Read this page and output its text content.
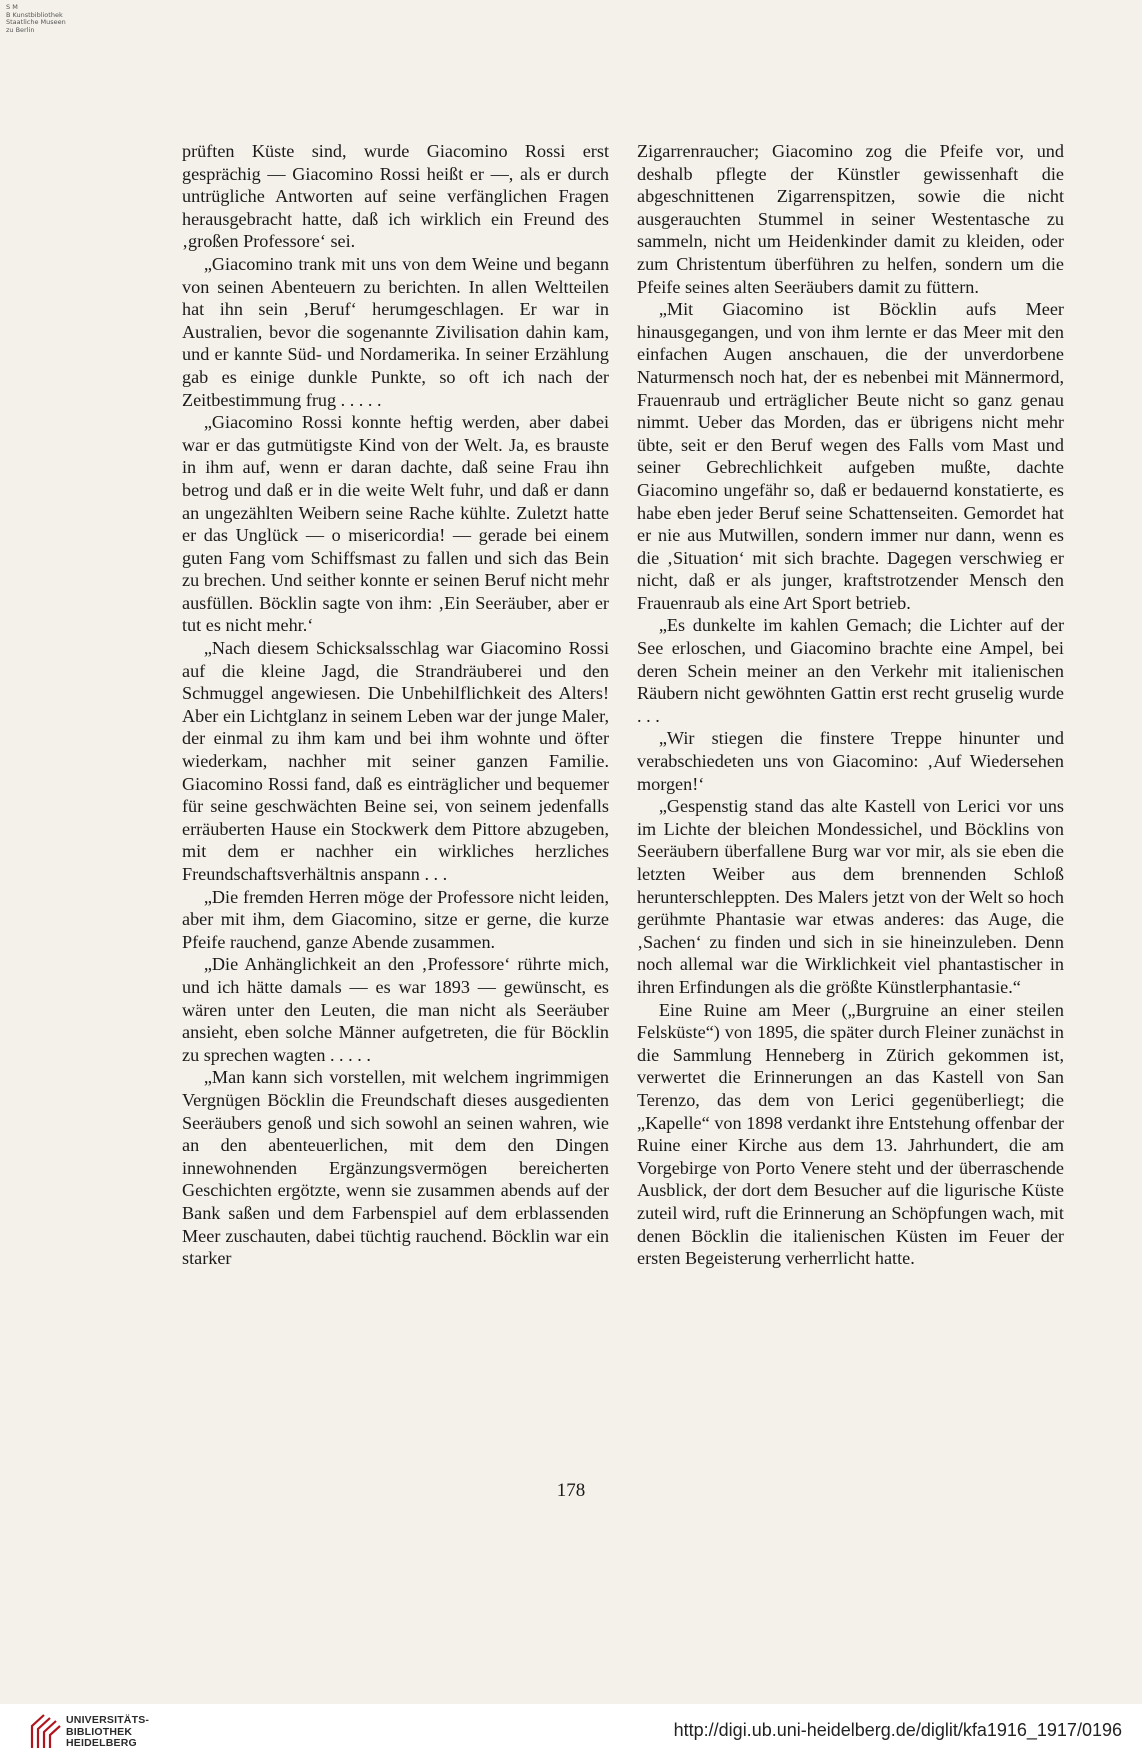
S M
B Kunstbibliothek
Staatliche Museen
zu Berlin

prüften Küste sind, wurde Giacomino Rossi erst gesprächig — Giacomino Rossi heißt er —, als er durch untrügliche Antworten auf seine verfänglichen Fragen herausgebracht hatte, daß ich wirklich ein Freund des ‚großen Professore‘ sei.

„Giacomino trank mit uns von dem Weine und begann von seinen Abenteuern zu berichten. In allen Weltteilen hat ihn sein ‚Beruf‘ herumgeschlagen. Er war in Australien, bevor die sogenannte Zivilisation dahin kam, und er kannte Süd- und Nordamerika. In seiner Erzählung gab es einige dunkle Punkte, so oft ich nach der Zeitbestimmung frug . . . . .

„Giacomino Rossi konnte heftig werden, aber dabei war er das gutmütigste Kind von der Welt. Ja, es brauste in ihm auf, wenn er daran dachte, daß seine Frau ihn betrog und daß er in die weite Welt fuhr, und daß er dann an ungezählten Weibern seine Rache kühlte. Zuletzt hatte er das Unglück — o misericordia! — gerade bei einem guten Fang vom Schiffsmast zu fallen und sich das Bein zu brechen. Und seither konnte er seinen Beruf nicht mehr ausfüllen. Böcklin sagte von ihm: ‚Ein Seeräuber, aber er tut es nicht mehr.‘

„Nach diesem Schicksalsschlag war Giacomino Rossi auf die kleine Jagd, die Strandräuberei und den Schmuggel angewiesen. Die Unbehilflichkeit des Alters! Aber ein Lichtglanz in seinem Leben war der junge Maler, der einmal zu ihm kam und bei ihm wohnte und öfter wiederkam, nachher mit seiner ganzen Familie. Giacomino Rossi fand, daß es einträglicher und bequemer für seine geschwächten Beine sei, von seinem jedenfalls erräuberten Hause ein Stockwerk dem Pittore abzugeben, mit dem er nachher ein wirkliches herzliches Freundschaftsverhältnis anspann . . .

„Die fremden Herren möge der Professore nicht leiden, aber mit ihm, dem Giacomino, sitze er gerne, die kurze Pfeife rauchend, ganze Abende zusammen.

„Die Anhänglichkeit an den ‚Professore‘ rührte mich, und ich hätte damals — es war 1893 — gewünscht, es wären unter den Leuten, die man nicht als Seeräuber ansieht, eben solche Männer aufgetreten, die für Böcklin zu sprechen wagten . . . . .

„Man kann sich vorstellen, mit welchem ingrimmigen Vergnügen Böcklin die Freundschaft dieses ausgedienten Seeräubers genoß und sich sowohl an seinen wahren, wie an den abenteuerlichen, mit dem den Dingen innewohnenden Ergänzungsvermögen bereicherten Geschichten ergötzte, wenn sie zusammen abends auf der Bank saßen und dem Farbenspiel auf dem erblassenden Meer zuschauten, dabei tüchtig rauchend. Böcklin war ein starker

Zigarrenraucher; Giacomino zog die Pfeife vor, und deshalb pflegte der Künstler gewissenhaft die abgeschnittenen Zigarrenspitzen, sowie die nicht ausgerauchten Stummel in seiner Westentasche zu sammeln, nicht um Heidenkinder damit zu kleiden, oder zum Christentum überführen zu helfen, sondern um die Pfeife seines alten Seeräubers damit zu füttern.

„Mit Giacomino ist Böcklin aufs Meer hinausgegangen, und von ihm lernte er das Meer mit den einfachen Augen anschauen, die der unverdorbene Naturmensch noch hat, der es nebenbei mit Männermord, Frauenraub und erträglicher Beute nicht so ganz genau nimmt. Ueber das Morden, das er übrigens nicht mehr übte, seit er den Beruf wegen des Falls vom Mast und seiner Gebrechlichkeit aufgeben mußte, dachte Giacomino ungefähr so, daß er bedauernd konstatierte, es habe eben jeder Beruf seine Schattenseiten. Gemordet hat er nie aus Mutwillen, sondern immer nur dann, wenn es die ‚Situation‘ mit sich brachte. Dagegen verschwieg er nicht, daß er als junger, kraftstrotzender Mensch den Frauenraub als eine Art Sport betrieb.

„Es dunkelte im kahlen Gemach; die Lichter auf der See erloschen, und Giacomino brachte eine Ampel, bei deren Schein meiner an den Verkehr mit italienischen Räubern nicht gewöhnten Gattin erst recht gruselig wurde . . .

„Wir stiegen die finstere Treppe hinunter und verabschiedeten uns von Giacomino: ‚Auf Wiedersehen morgen!‘

„Gespenstig stand das alte Kastell von Lerici vor uns im Lichte der bleichen Mondessichel, und Böcklins von Seeräubern überfallene Burg war vor mir, als sie eben die letzten Weiber aus dem brennenden Schloß herunterschleppten. Des Malers jetzt von der Welt so hoch gerühmte Phantasie war etwas anderes: das Auge, die ‚Sachen‘ zu finden und sich in sie hineinzuleben. Denn noch allemal war die Wirklichkeit viel phantastischer in ihren Erfindungen als die größte Künstlerphantasie.“

Eine Ruine am Meer („Burgruine an einer steilen Felsküste“) von 1895, die später durch Fleiner zunächst in die Sammlung Henneberg in Zürich gekommen ist, verwertet die Erinnerungen an das Kastell von San Terenzo, das dem von Lerici gegenüberliegt; die „Kapelle“ von 1898 verdankt ihre Entstehung offenbar der Ruine einer Kirche aus dem 13. Jahrhundert, die am Vorgebirge von Porto Venere steht und der überraschende Ausblick, der dort dem Besucher auf die ligurische Küste zuteil wird, ruft die Erinnerung an Schöpfungen wach, mit denen Böcklin die italienischen Küsten im Feuer der ersten Begeisterung verherrlicht hatte.

178
UNIVERSITÄTS-
BIBLIOTHEK
HEIDELBERG
http://digi.ub.uni-heidelberg.de/diglit/kfa1916_1917/0196
